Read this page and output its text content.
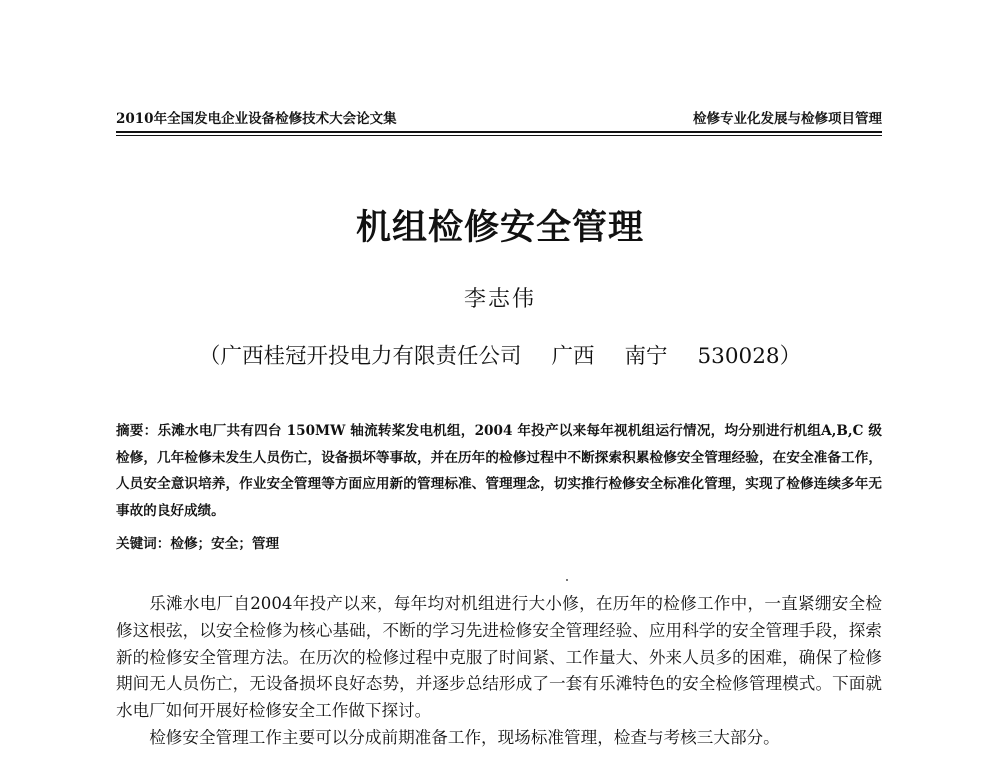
2010年全国发电企业设备检修技术大会论文集	检修专业化发展与检修项目管理
机组检修安全管理
李志伟
（广西桂冠开投电力有限责任公司 广西 南宁 530028）
摘要：乐滩水电厂共有四台 150MW 轴流转桨发电机组，2004 年投产以来每年视机组运行情况，均分别进行机组A,B,C 级检修，几年检修未发生人员伤亡，设备损坏等事故，并在历年的检修过程中不断探索积累检修安全管理经验，在安全准备工作，人员安全意识培养，作业安全管理等方面应用新的管理标准、管理理念，切实推行检修安全标准化管理，实现了检修连续多年无事故的良好成绩。
关键词：检修；安全；管理

乐滩水电厂自2004年投产以来，每年均对机组进行大小修，在历年的检修工作中，一直紧绷安全检修这根弦，以安全检修为核心基础，不断的学习先进检修安全管理经验、应用科学的安全管理手段，探索新的检修安全管理方法。在历次的检修过程中克服了时间紧、工作量大、外来人员多的困难，确保了检修期间无人员伤亡，无设备损坏良好态势，并逐步总结形成了一套有乐滩特色的安全检修管理模式。下面就水电厂如何开展好检修安全工作做下探讨。

检修安全管理工作主要可以分成前期准备工作，现场标准管理，检查与考核三大部分。
